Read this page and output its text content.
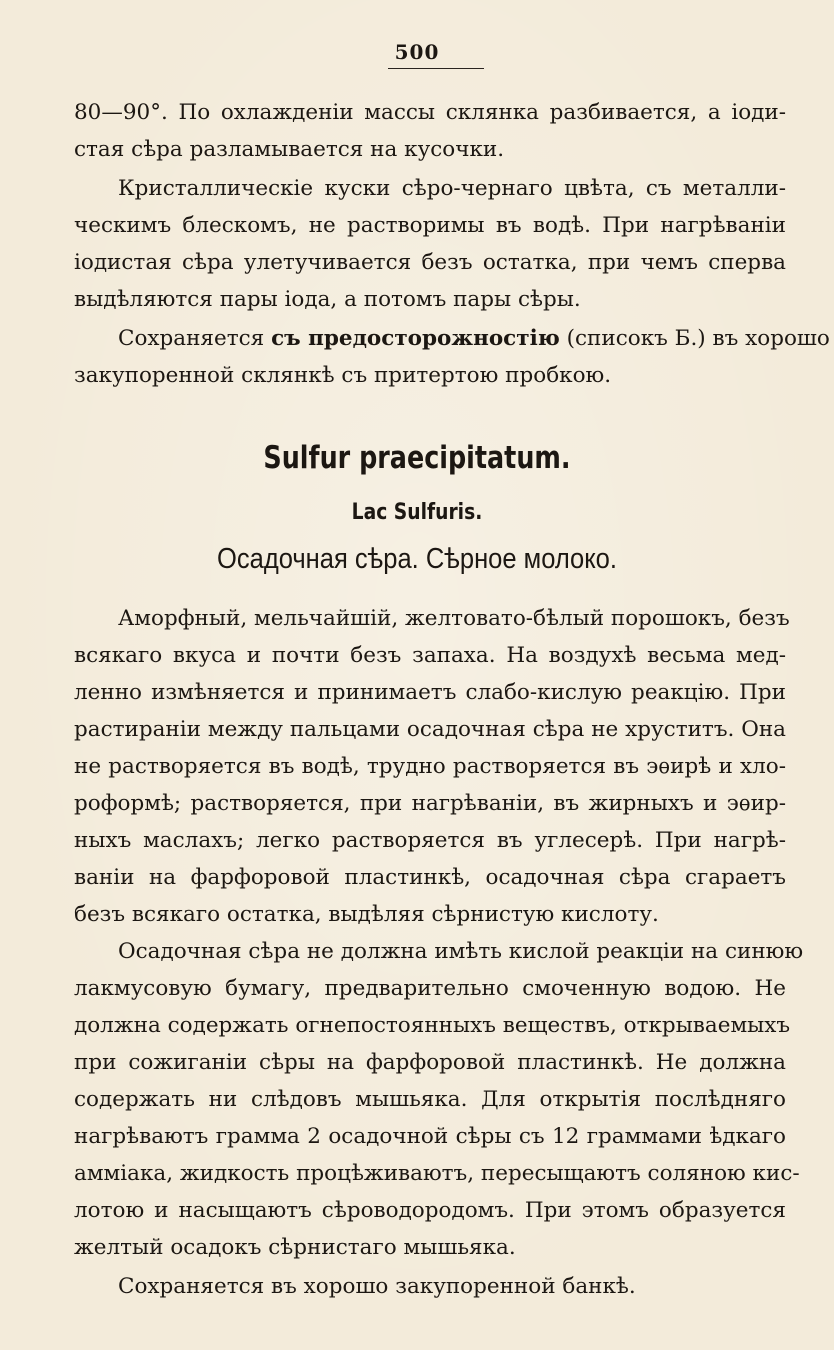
500
80—90°. По охлажденіи массы склянка разбивается, а іоди-
стая сѣра разламывается на кусочки.
Кристаллическіе куски сѣро-чернаго цвѣта, съ металли-
ческимъ блескомъ, не растворимы въ водѣ. При нагрѣваніи
іодистая сѣра улетучивается безъ остатка, при чемъ сперва
выдѣляются пары іода, а потомъ пары сѣры.
Сохраняется съ предосторожностію (списокъ Б.) въ хорошо
закупоренной склянкѣ съ притертою пробкою.
Sulfur praecipitatum.
Lac Sulfuris.
Осадочная сѣра. Сѣрное молоко.
Аморфный, мельчайшій, желтовато-бѣлый порошокъ, безъ
всякаго вкуса и почти безъ запаха. На воздухѣ весьма мед-
ленно измѣняется и принимаетъ слабо-кислую реакцію. При
растираніи между пальцами осадочная сѣра не хруститъ. Она
не растворяется въ водѣ, трудно растворяется въ эѳирѣ и хло-
роформѣ; растворяется, при нагрѣваніи, въ жирныхъ и эѳир-
ныхъ маслахъ; легко растворяется въ углесерѣ. При нагрѣ-
ваніи на фарфоровой пластинкѣ, осадочная сѣра сгараетъ
безъ всякаго остатка, выдѣляя сѣрнистую кислоту.
Осадочная сѣра не должна имѣть кислой реакціи на синюю
лакмусовую бумагу, предварительно смоченную водою. Не
должна содержать огнепостоянныхъ веществъ, открываемыхъ
при сожиганіи сѣры на фарфоровой пластинкѣ. Не должна
содержать ни слѣдовъ мышьяка. Для открытія послѣдняго
нагрѣваютъ грамма 2 осадочной сѣры съ 12 граммами ѣдкаго
аммiака, жидкость процѣживаютъ, пересыщаютъ соляною кис-
лотою и насыщаютъ сѣроводородомъ. При этомъ образуется
желтый осадокъ сѣрнистаго мышьяка.
Сохраняется въ хорошо закупоренной банкѣ.
